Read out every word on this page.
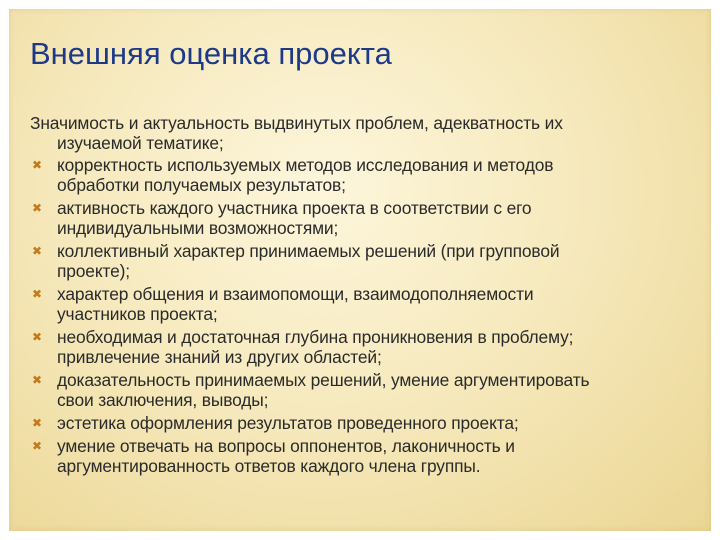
Внешняя оценка проекта

Значимость и актуальность выдвинутых проблем, адекватность их
изучаемой тематике;

✖ корректность используемых методов исследования и методов
обработки получаемых результатов;
✖ активность каждого участника проекта в соответствии с его
индивидуальными возможностями;
✖ коллективный характер принимаемых решений (при групповой
проекте);
✖ характер общения и взаимопомощи, взаимодополняемости
участников проекта;
✖ необходимая и достаточная глубина проникновения в проблему;
привлечение знаний из других областей;
✖ доказательность принимаемых решений, умение аргументировать
свои заключения, выводы;
✖ эстетика оформления результатов проведенного проекта;
✖ умение отвечать на вопросы оппонентов, лаконичность и
аргументированность ответов каждого члена группы.
